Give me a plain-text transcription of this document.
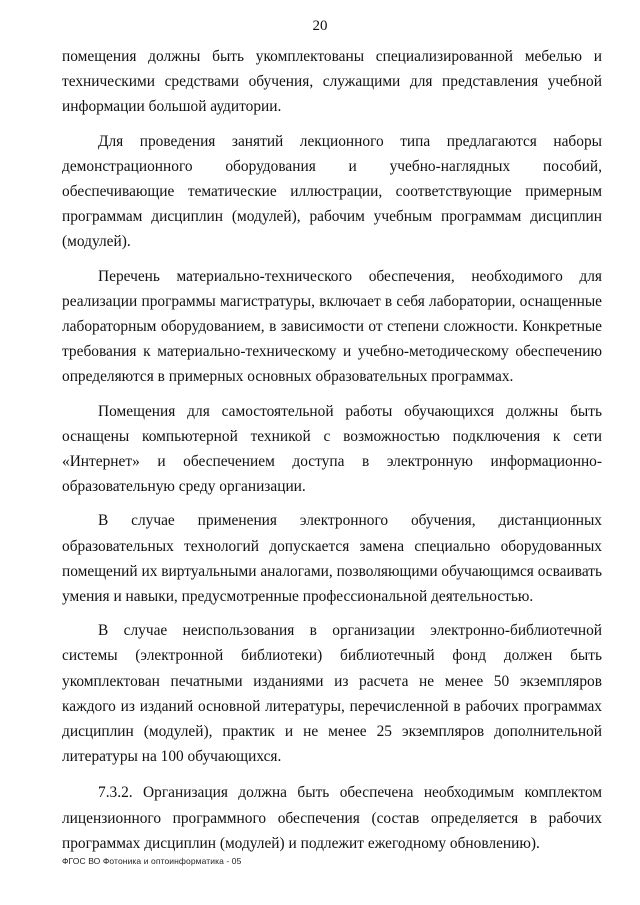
20

помещения должны быть укомплектованы специализированной мебелью и техническими средствами обучения, служащими для представления учебной информации большой аудитории.

Для проведения занятий лекционного типа предлагаются наборы демонстрационного оборудования и учебно-наглядных пособий, обеспечивающие тематические иллюстрации, соответствующие примерным программам дисциплин (модулей), рабочим учебным программам дисциплин (модулей).

Перечень материально-технического обеспечения, необходимого для реализации программы магистратуры, включает в себя лаборатории, оснащенные лабораторным оборудованием, в зависимости от степени сложности. Конкретные требования к материально-техническому и учебно-методическому обеспечению определяются в примерных основных образовательных программах.

Помещения для самостоятельной работы обучающихся должны быть оснащены компьютерной техникой с возможностью подключения к сети «Интернет» и обеспечением доступа в электронную информационно-образовательную среду организации.

В случае применения электронного обучения, дистанционных образовательных технологий допускается замена специально оборудованных помещений их виртуальными аналогами, позволяющими обучающимся осваивать умения и навыки, предусмотренные профессиональной деятельностью.

В случае неиспользования в организации электронно-библиотечной системы (электронной библиотеки) библиотечный фонд должен быть укомплектован печатными изданиями из расчета не менее 50 экземпляров каждого из изданий основной литературы, перечисленной в рабочих программах дисциплин (модулей), практик и не менее 25 экземпляров дополнительной литературы на 100 обучающихся.

7.3.2. Организация должна быть обеспечена необходимым комплектом лицензионного программного обеспечения (состав определяется в рабочих программах дисциплин (модулей) и подлежит ежегодному обновлению).

ФГОС ВО Фотоника и оптоинформатика - 05
